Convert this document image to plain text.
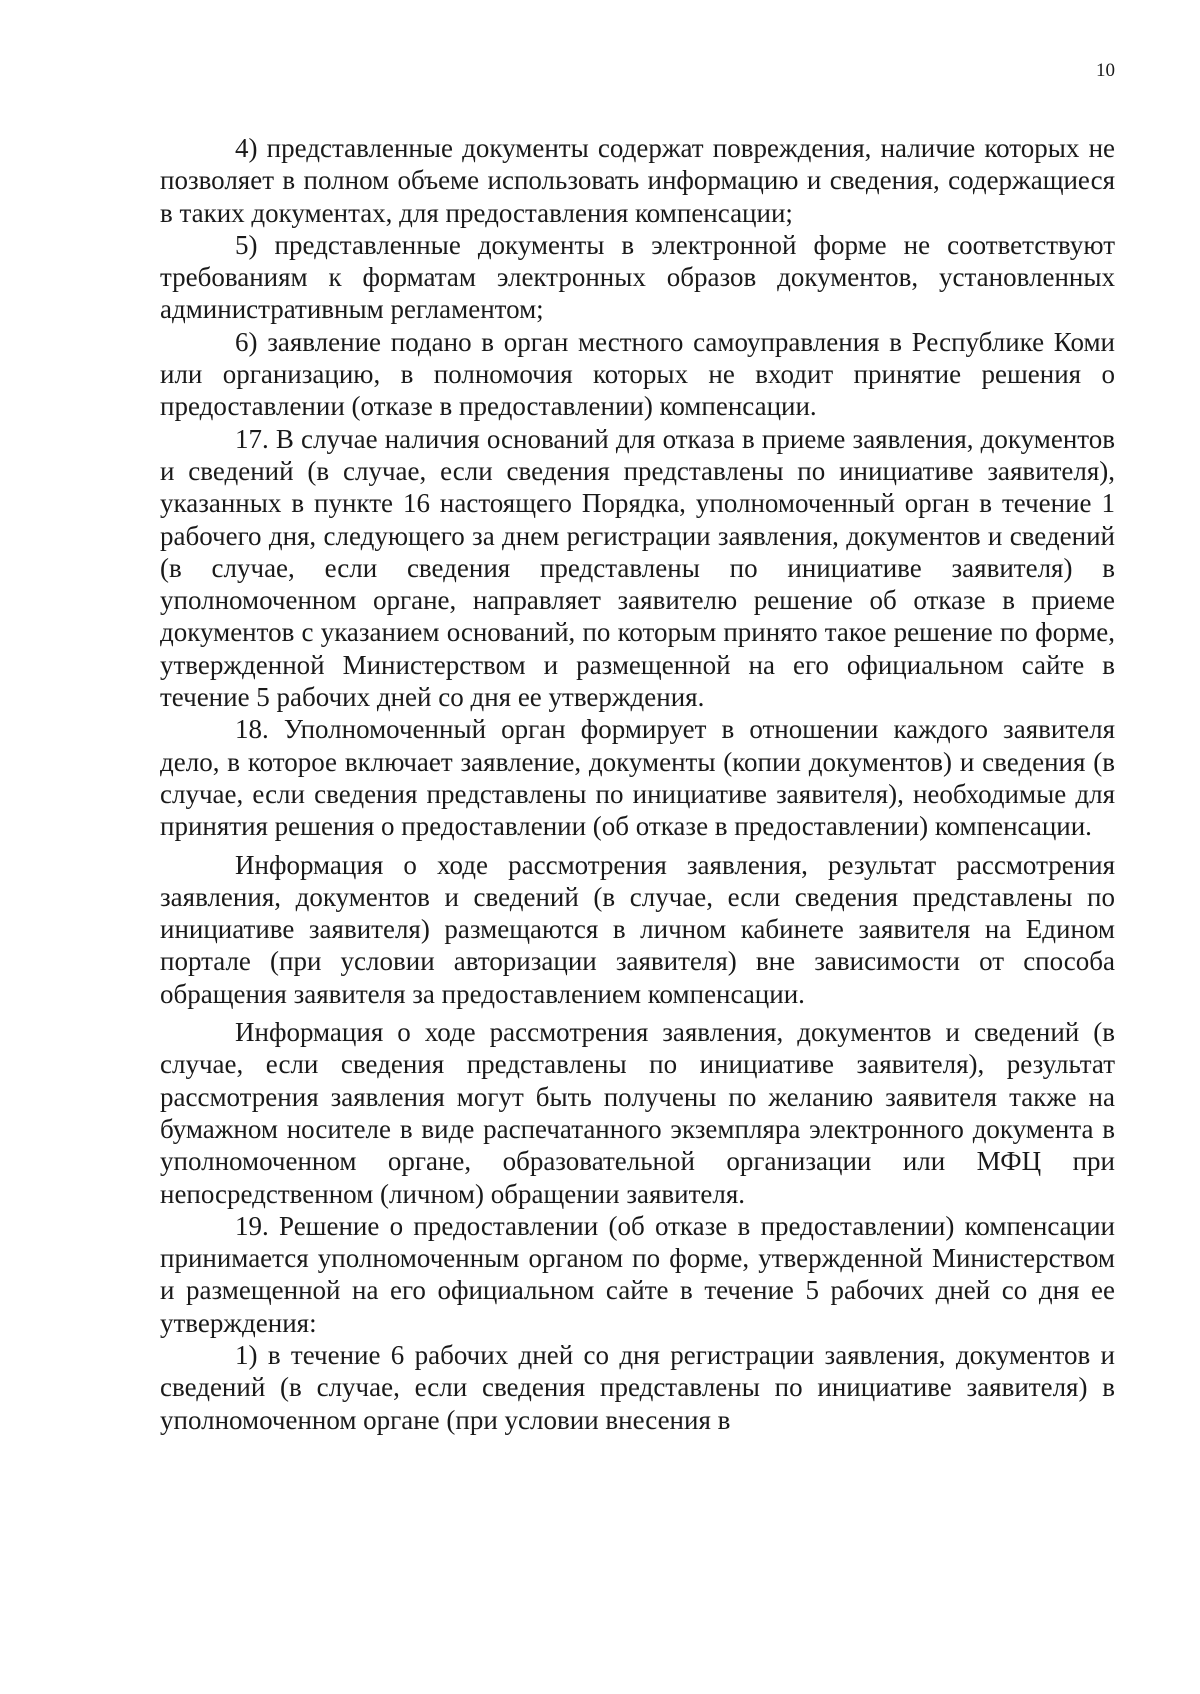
10

4) представленные документы содержат повреждения, наличие которых не позволяет в полном объеме использовать информацию и сведения, содержащиеся в таких документах, для предоставления компенсации;

5) представленные документы в электронной форме не соответствуют требованиям к форматам электронных образов документов, установленных административным регламентом;

6) заявление подано в орган местного самоуправления в Республике Коми или организацию, в полномочия которых не входит принятие решения о предоставлении (отказе в предоставлении) компенсации.

17. В случае наличия оснований для отказа в приеме заявления, документов и сведений (в случае, если сведения представлены по инициативе заявителя), указанных в пункте 16 настоящего Порядка, уполномоченный орган в течение 1 рабочего дня, следующего за днем регистрации заявления, документов и сведений (в случае, если сведения представлены по инициативе заявителя) в уполномоченном органе, направляет заявителю решение об отказе в приеме документов с указанием оснований, по которым принято такое решение по форме, утвержденной Министерством и размещенной на его официальном сайте в течение 5 рабочих дней со дня ее утверждения.

18. Уполномоченный орган формирует в отношении каждого заявителя дело, в которое включает заявление, документы (копии документов) и сведения (в случае, если сведения представлены по инициативе заявителя), необходимые для принятия решения о предоставлении (об отказе в предоставлении) компенсации.

Информация о ходе рассмотрения заявления, результат рассмотрения заявления, документов и сведений (в случае, если сведения представлены по инициативе заявителя) размещаются в личном кабинете заявителя на Едином портале (при условии авторизации заявителя) вне зависимости от способа обращения заявителя за предоставлением компенсации.

Информация о ходе рассмотрения заявления, документов и сведений (в случае, если сведения представлены по инициативе заявителя), результат рассмотрения заявления могут быть получены по желанию заявителя также на бумажном носителе в виде распечатанного экземпляра электронного документа в уполномоченном органе, образовательной организации или МФЦ при непосредственном (личном) обращении заявителя.

19. Решение о предоставлении (об отказе в предоставлении) компенсации принимается уполномоченным органом по форме, утвержденной Министерством и размещенной на его официальном сайте в течение 5 рабочих дней со дня ее утверждения:

1) в течение 6 рабочих дней со дня регистрации заявления, документов и сведений (в случае, если сведения представлены по инициативе заявителя) в уполномоченном органе (при условии внесения в
